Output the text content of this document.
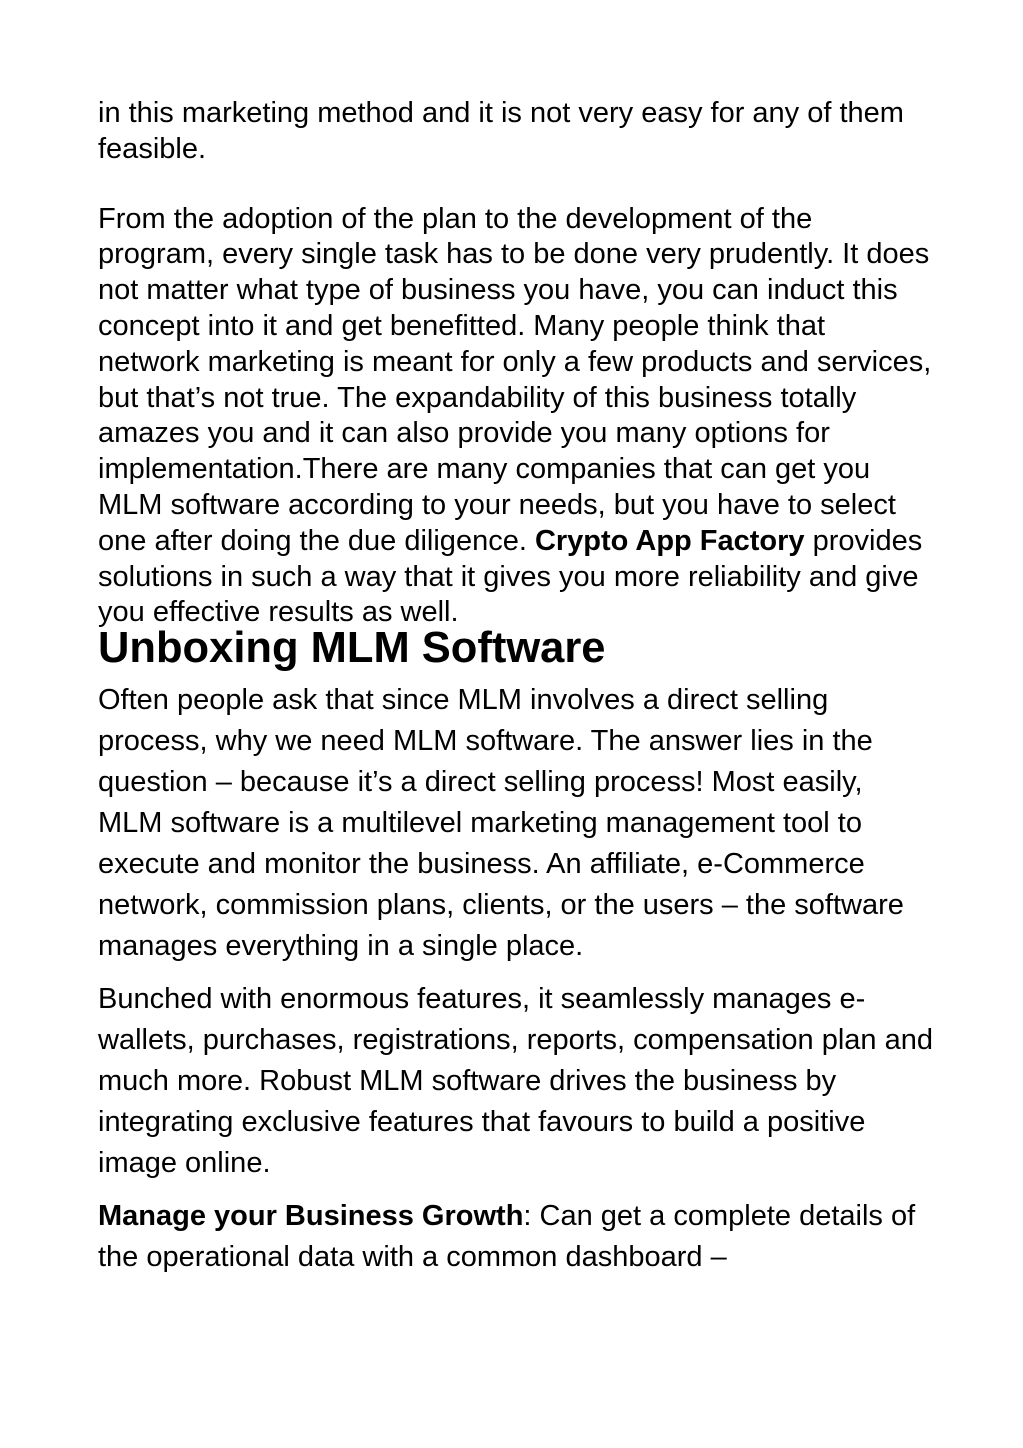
in this marketing method and it is not very easy for any of them feasible.

From the adoption of the plan to the development of the program, every single task has to be done very prudently. It does not matter what type of business you have, you can induct this concept into it and get benefitted. Many people think that network marketing is meant for only a few products and services, but that’s not true. The expandability of this business totally amazes you and it can also provide you many options for implementation.There are many companies that can get you MLM software according to your needs, but you have to select one after doing the due diligence. Crypto App Factory provides solutions in such a way that it gives you more reliability and give you effective results as well.

Unboxing MLM Software

Often people ask that since MLM involves a direct selling process, why we need MLM software. The answer lies in the question – because it’s a direct selling process! Most easily, MLM software is a multilevel marketing management tool to execute and monitor the business. An affiliate, e-Commerce network, commission plans, clients, or the users – the software manages everything in a single place.

Bunched with enormous features, it seamlessly manages e-wallets, purchases, registrations, reports, compensation plan and much more. Robust MLM software drives the business by integrating exclusive features that favours to build a positive image online.

Manage your Business Growth: Can get a complete details of the operational data with a common dashboard –
